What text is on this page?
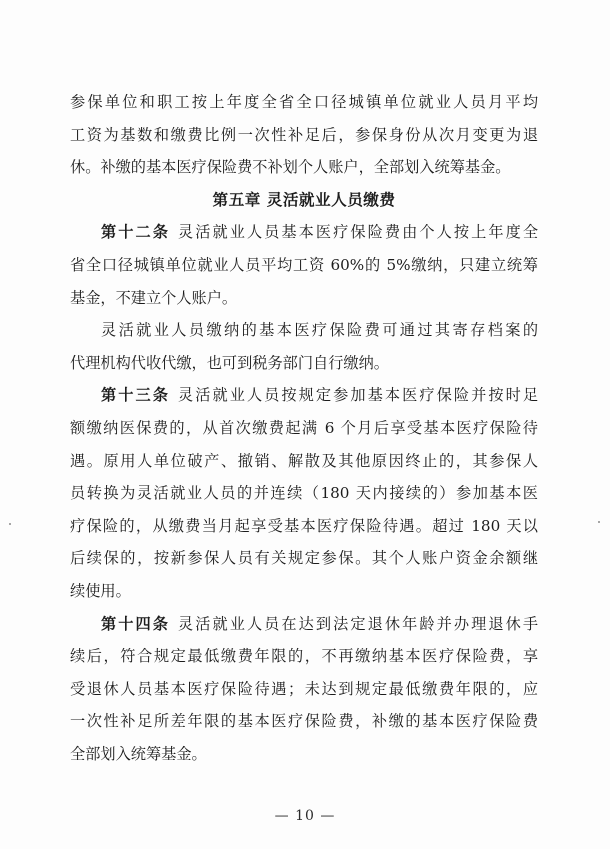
参保单位和职工按上年度全省全口径城镇单位就业人员月平均
工资为基数和缴费比例一次性补足后，参保身份从次月变更为退
休。补缴的基本医疗保险费不补划个人账户，全部划入统筹基金。
第五章 灵活就业人员缴费
第十二条 灵活就业人员基本医疗保险费由个人按上年度全
省全口径城镇单位就业人员平均工资 60%的 5%缴纳，只建立统筹
基金，不建立个人账户。
灵活就业人员缴纳的基本医疗保险费可通过其寄存档案的
代理机构代收代缴，也可到税务部门自行缴纳。
第十三条 灵活就业人员按规定参加基本医疗保险并按时足
额缴纳医保费的，从首次缴费起满 6 个月后享受基本医疗保险待
遇。原用人单位破产、撤销、解散及其他原因终止的，其参保人
员转换为灵活就业人员的并连续（180 天内接续的）参加基本医
疗保险的，从缴费当月起享受基本医疗保险待遇。超过 180 天以
后续保的，按新参保人员有关规定参保。其个人账户资金余额继
续使用。
第十四条 灵活就业人员在达到法定退休年龄并办理退休手
续后，符合规定最低缴费年限的，不再缴纳基本医疗保险费，享
受退休人员基本医疗保险待遇；未达到规定最低缴费年限的，应
一次性补足所差年限的基本医疗保险费，补缴的基本医疗保险费
全部划入统筹基金。
— 10 —
